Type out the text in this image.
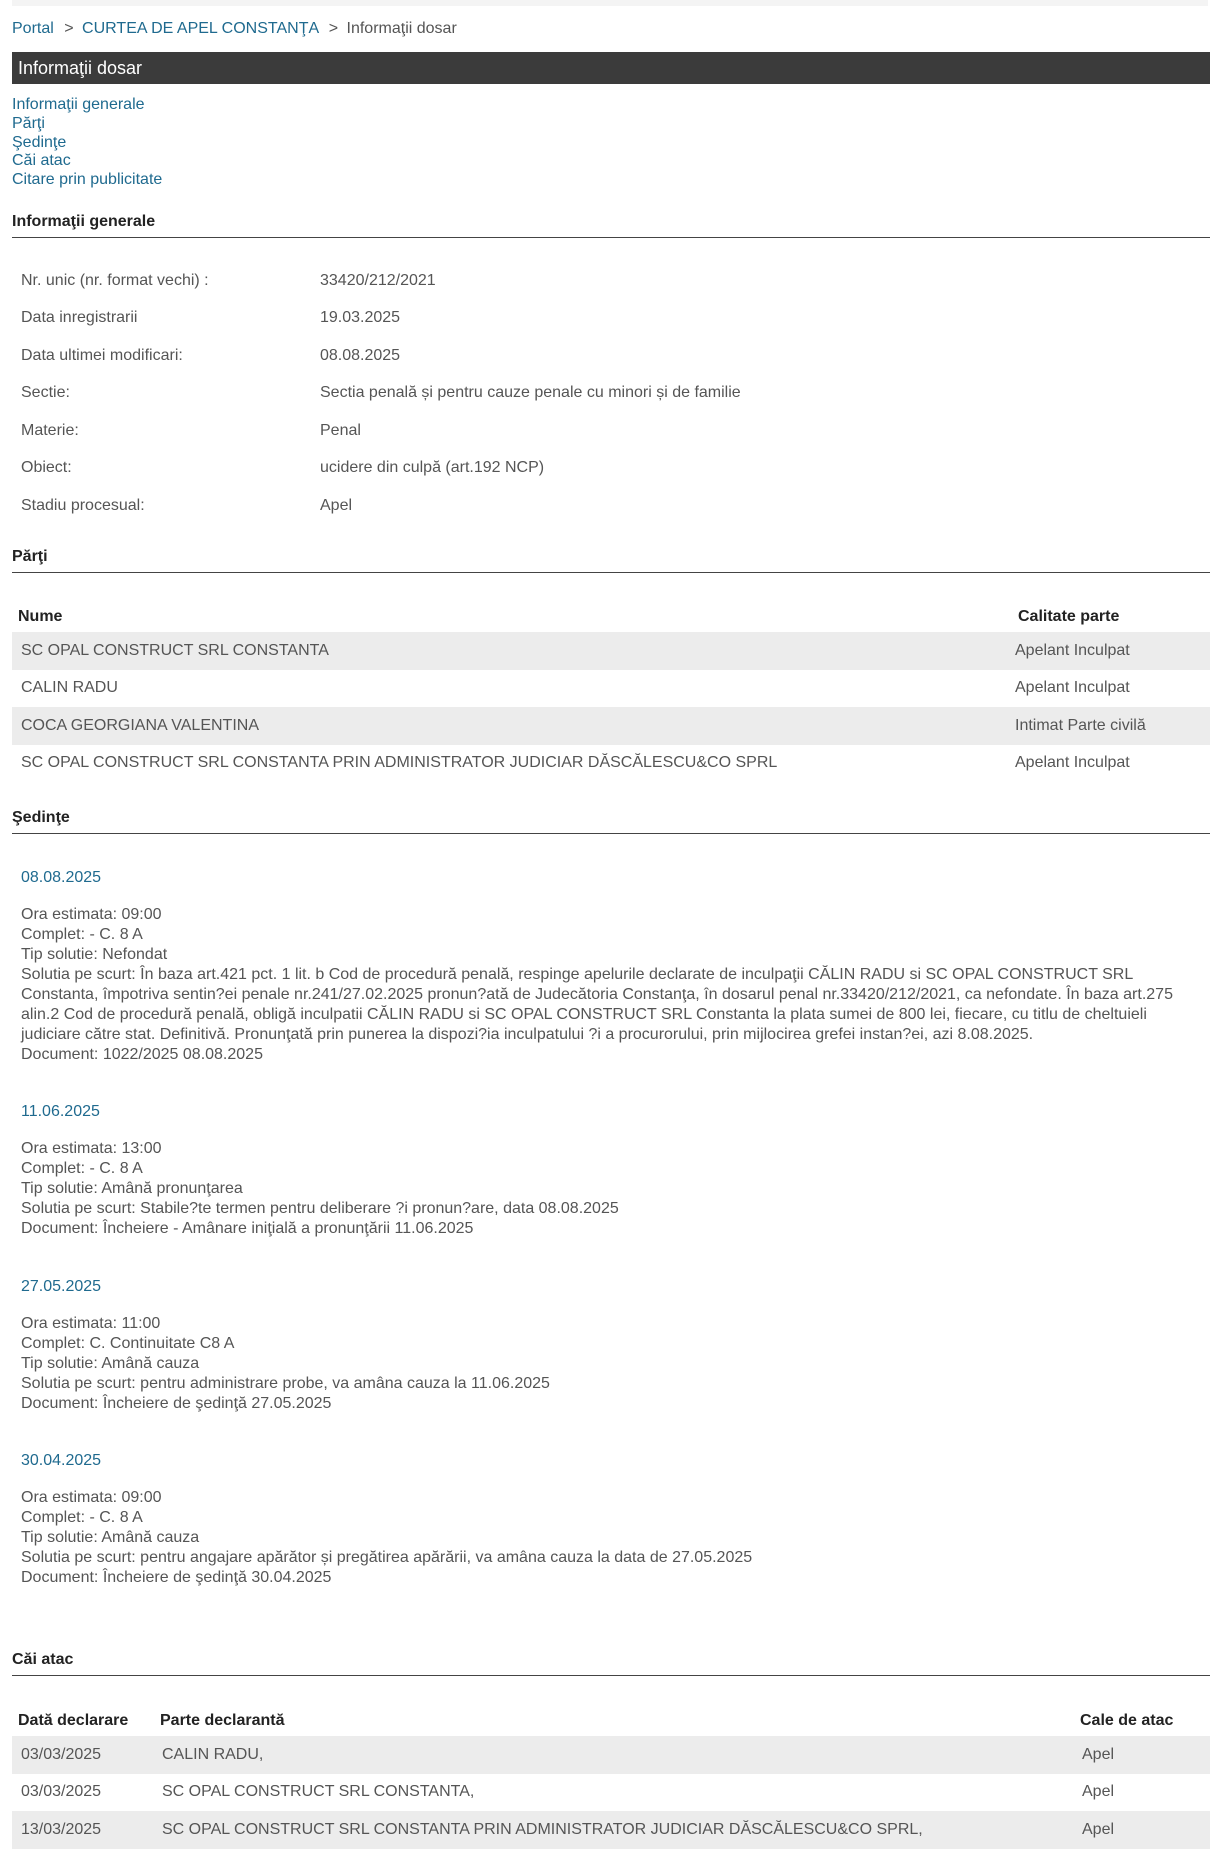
Portal > CURTEA DE APEL CONSTANŢA > Informaţii dosar
Informaţii dosar
Informaţii generale
Părţi
Şedinţe
Căi atac
Citare prin publicitate
Informaţii generale
Nr. unic (nr. format vechi) :	33420/212/2021
Data inregistrarii	19.03.2025
Data ultimei modificari:	08.08.2025
Sectie:	Sectia penală și pentru cauze penale cu minori și de familie
Materie:	Penal
Obiect:	ucidere din culpă (art.192 NCP)
Stadiu procesual:	Apel
Părţi
Nume	Calitate parte
SC OPAL CONSTRUCT SRL CONSTANTA	Apelant Inculpat
CALIN RADU	Apelant Inculpat
COCA GEORGIANA VALENTINA	Intimat Parte civilă
SC OPAL CONSTRUCT SRL CONSTANTA PRIN ADMINISTRATOR JUDICIAR DĂSCĂLESCU&CO SPRL	Apelant Inculpat
Şedinţe
08.08.2025
Ora estimata: 09:00
Complet: - C. 8 A
Tip solutie: Nefondat
Solutia pe scurt: În baza art.421 pct. 1 lit. b Cod de procedură penală, respinge apelurile declarate de inculpaţii CĂLIN RADU si SC OPAL CONSTRUCT SRL Constanta, împotriva sentin?ei penale nr.241/27.02.2025 pronun?ată de Judecătoria Constanţa, în dosarul penal nr.33420/212/2021, ca nefondate. În baza art.275 alin.2 Cod de procedură penală, obligă inculpatii CĂLIN RADU si SC OPAL CONSTRUCT SRL Constanta la plata sumei de 800 lei, fiecare, cu titlu de cheltuieli judiciare către stat. Definitivă. Pronunţată prin punerea la dispozi?ia inculpatului ?i a procurorului, prin mijlocirea grefei instan?ei, azi 8.08.2025.
Document: 1022/2025 08.08.2025
11.06.2025
Ora estimata: 13:00
Complet: - C. 8 A
Tip solutie: Amână pronunţarea
Solutia pe scurt: Stabile?te termen pentru deliberare ?i pronun?are, data 08.08.2025
Document: Încheiere - Amânare iniţială a pronunţării 11.06.2025
27.05.2025
Ora estimata: 11:00
Complet: C. Continuitate C8 A
Tip solutie: Amână cauza
Solutia pe scurt: pentru administrare probe, va amâna cauza la 11.06.2025
Document: Încheiere de şedinţă 27.05.2025
30.04.2025
Ora estimata: 09:00
Complet: - C. 8 A
Tip solutie: Amână cauza
Solutia pe scurt: pentru angajare apărător și pregătirea apărării, va amâna cauza la data de 27.05.2025
Document: Încheiere de şedinţă 30.04.2025
Căi atac
Dată declarare	Parte declarantă	Cale de atac
03/03/2025	CALIN RADU,	Apel
03/03/2025	SC OPAL CONSTRUCT SRL CONSTANTA,	Apel
13/03/2025	SC OPAL CONSTRUCT SRL CONSTANTA PRIN ADMINISTRATOR JUDICIAR DĂSCĂLESCU&CO SPRL,	Apel
